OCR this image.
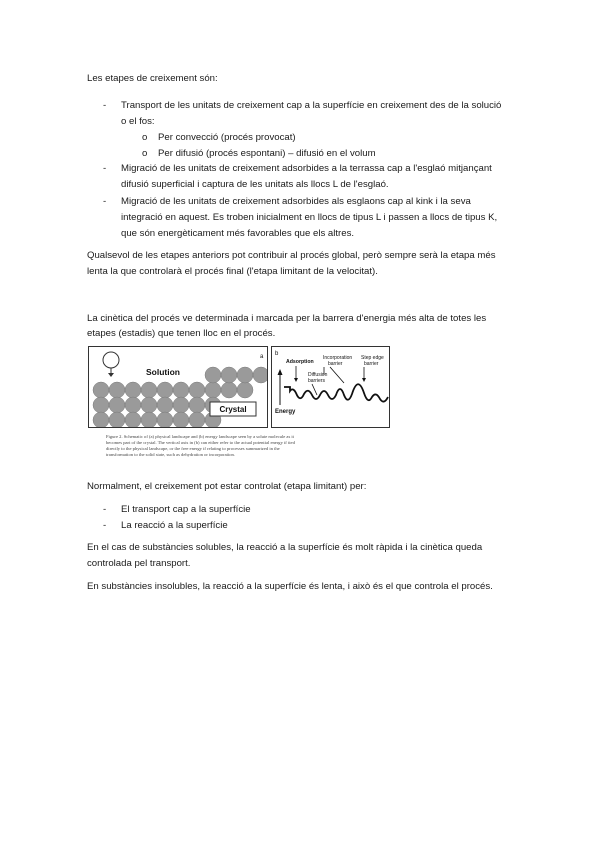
Les etapes de creixement són:

- Transport de les unitats de creixement cap a la superfície en creixement des de la solució

o el fos:

o Per convecció (procés provocat)
o Per difusió (procés espontani) – difusió en el volum
- Migració de les unitats de creixement adsorbides a la terrassa cap a l'esglaó mitjançant

difusió superficial i captura de les unitats als llocs L de l'esglaó.

- Migració de les unitats de creixement adsorbides als esglaons cap al kink i la seva

integració en aquest. Es troben inicialment en llocs de tipus L i passen a llocs de tipus K,

que són energèticament més favorables que els altres.

Qualsevol de les etapes anteriors pot contribuir al procés global, però sempre serà la etapa més

lenta la que controlarà el procés final (l'etapa limitant de la velocitat).

La cinètica del procés ve determinada i marcada per la barrera d'energia més alta de totes les

etapes (estadis) que tenen lloc en el procés.

Solution
a
+ + + + + +
+ + +
Crystal
b
Adsorption
Incorporation
barrier
Step edge
barrier
Diffusion
barriers
Energy
Figure 2. Schematic of (a) physical landscape and (b) energy landscape seen by a solute molecule as it
becomes part of the crystal. The vertical axis in (b) can either refer to the actual potential energy if tied
directly to the physical landscape, or the free energy if relating to processes summarized in the
transformation to the solid state, such as dehydration or incorporation.

Normalment, el creixement pot estar controlat (etapa limitant) per:

- El transport cap a la superfície

- La reacció a la superfície

En el cas de substàncies solubles, la reacció a la superfície és molt ràpida i la cinètica queda

controlada pel transport.

En substàncies insolubles, la reacció a la superfície és lenta, i això és el que controla el procés.
